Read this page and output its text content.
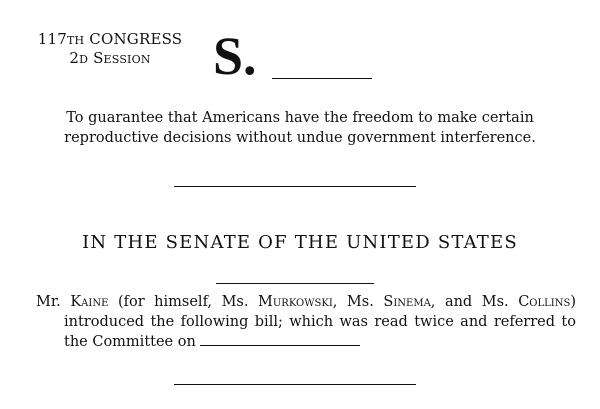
117th CONGRESS
2d Session	S.
To guarantee that Americans have the freedom to make certain reproductive decisions without undue government interference.
IN THE SENATE OF THE UNITED STATES

Mr. Kaine (for himself, Ms. Murkowski, Ms. Sinema, and Ms. Collins) introduced the following bill; which was read twice and referred to the Committee on
